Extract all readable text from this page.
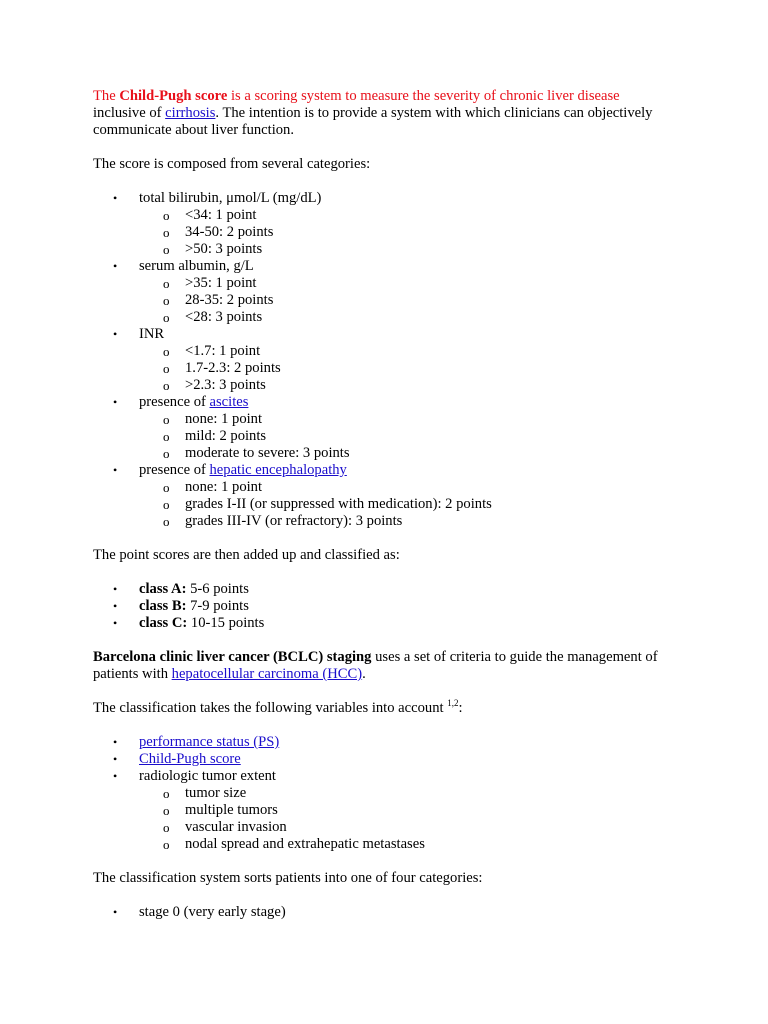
The Child-Pugh score is a scoring system to measure the severity of chronic liver disease inclusive of cirrhosis. The intention is to provide a system with which clinicians can objectively communicate about liver function.

The score is composed from several categories:

• total bilirubin, μmol/L (mg/dL)
o <34: 1 point
o 34-50: 2 points
o >50: 3 points
• serum albumin, g/L
o >35: 1 point
o 28-35: 2 points
o <28: 3 points
• INR
o <1.7: 1 point
o 1.7-2.3: 2 points
o >2.3: 3 points
• presence of ascites
o none: 1 point
o mild: 2 points
o moderate to severe: 3 points
• presence of hepatic encephalopathy
o none: 1 point
o grades I-II (or suppressed with medication): 2 points
o grades III-IV (or refractory): 3 points

The point scores are then added up and classified as:

• class A: 5-6 points
• class B: 7-9 points
• class C: 10-15 points

Barcelona clinic liver cancer (BCLC) staging uses a set of criteria to guide the management of patients with hepatocellular carcinoma (HCC).

The classification takes the following variables into account $^{1,2}$:

• performance status (PS)
• Child-Pugh score
• radiologic tumor extent
o tumor size
o multiple tumors
o vascular invasion
o nodal spread and extrahepatic metastases

The classification system sorts patients into one of four categories:

• stage 0 (very early stage)
